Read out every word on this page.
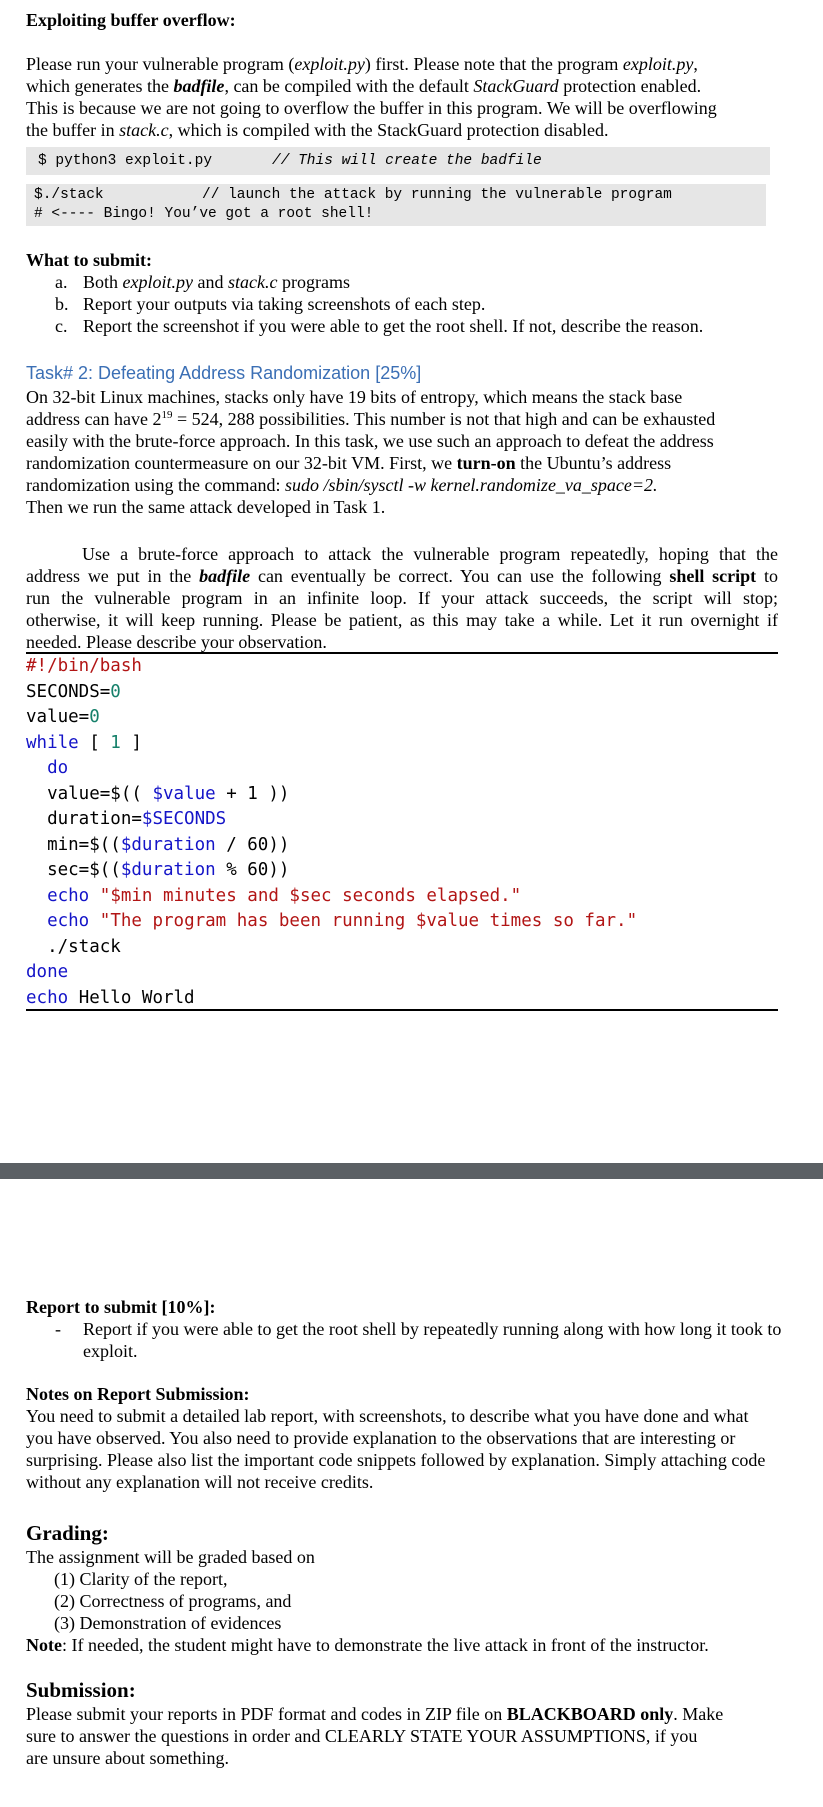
Exploiting buffer overflow:
Please run your vulnerable program (exploit.py) first. Please note that the program exploit.py,
which generates the badfile, can be compiled with the default StackGuard protection enabled.
This is because we are not going to overflow the buffer in this program. We will be overflowing
the buffer in stack.c, which is compiled with the StackGuard protection disabled.
$ python3 exploit.py	// This will create the badfile
$./stack	// launch the attack by running the vulnerable program
# <---- Bingo! You’ve got a root shell!
What to submit:
a. Both exploit.py and stack.c programs
b. Report your outputs via taking screenshots of each step.
c. Report the screenshot if you were able to get the root shell. If not, describe the reason.
Task# 2: Defeating Address Randomization [25%]
On 32-bit Linux machines, stacks only have 19 bits of entropy, which means the stack base
address can have $2^{19} = 524$, 288 possibilities. This number is not that high and can be exhausted
easily with the brute-force approach. In this task, we use such an approach to defeat the address
randomization countermeasure on our 32-bit VM. First, we turn-on the Ubuntu’s address
randomization using the command: sudo /sbin/sysctl -w kernel.randomize_va_space=2.
Then we run the same attack developed in Task 1.
Use a brute-force approach to attack the vulnerable program repeatedly, hoping that the
address we put in the badfile can eventually be correct. You can use the following shell script to
run the vulnerable program in an infinite loop. If your attack succeeds, the script will stop;
otherwise, it will keep running. Please be patient, as this may take a while. Let it run overnight if
needed. Please describe your observation.
#!/bin/bash
SECONDS=0
value=0
while [ 1 ]
do
value=$(( $value + 1 ))
duration=$SECONDS
min=$(($duration / 60))
sec=$(($duration % 60))
echo "$min minutes and $sec seconds elapsed."
echo "The program has been running $value times so far."
./stack
done
echo Hello World
Report to submit [10%]:
-	Report if you were able to get the root shell by repeatedly running along with how long it took to exploit.
Notes on Report Submission:
You need to submit a detailed lab report, with screenshots, to describe what you have done and what you have observed. You also need to provide explanation to the observations that are interesting or surprising. Please also list the important code snippets followed by explanation. Simply attaching code without any explanation will not receive credits.
Grading:
The assignment will be graded based on
(1) Clarity of the report,
(2) Correctness of programs, and
(3) Demonstration of evidences
Note: If needed, the student might have to demonstrate the live attack in front of the instructor.
Submission:
Please submit your reports in PDF format and codes in ZIP file on BLACKBOARD only. Make
sure to answer the questions in order and CLEARLY STATE YOUR ASSUMPTIONS, if you
are unsure about something.
